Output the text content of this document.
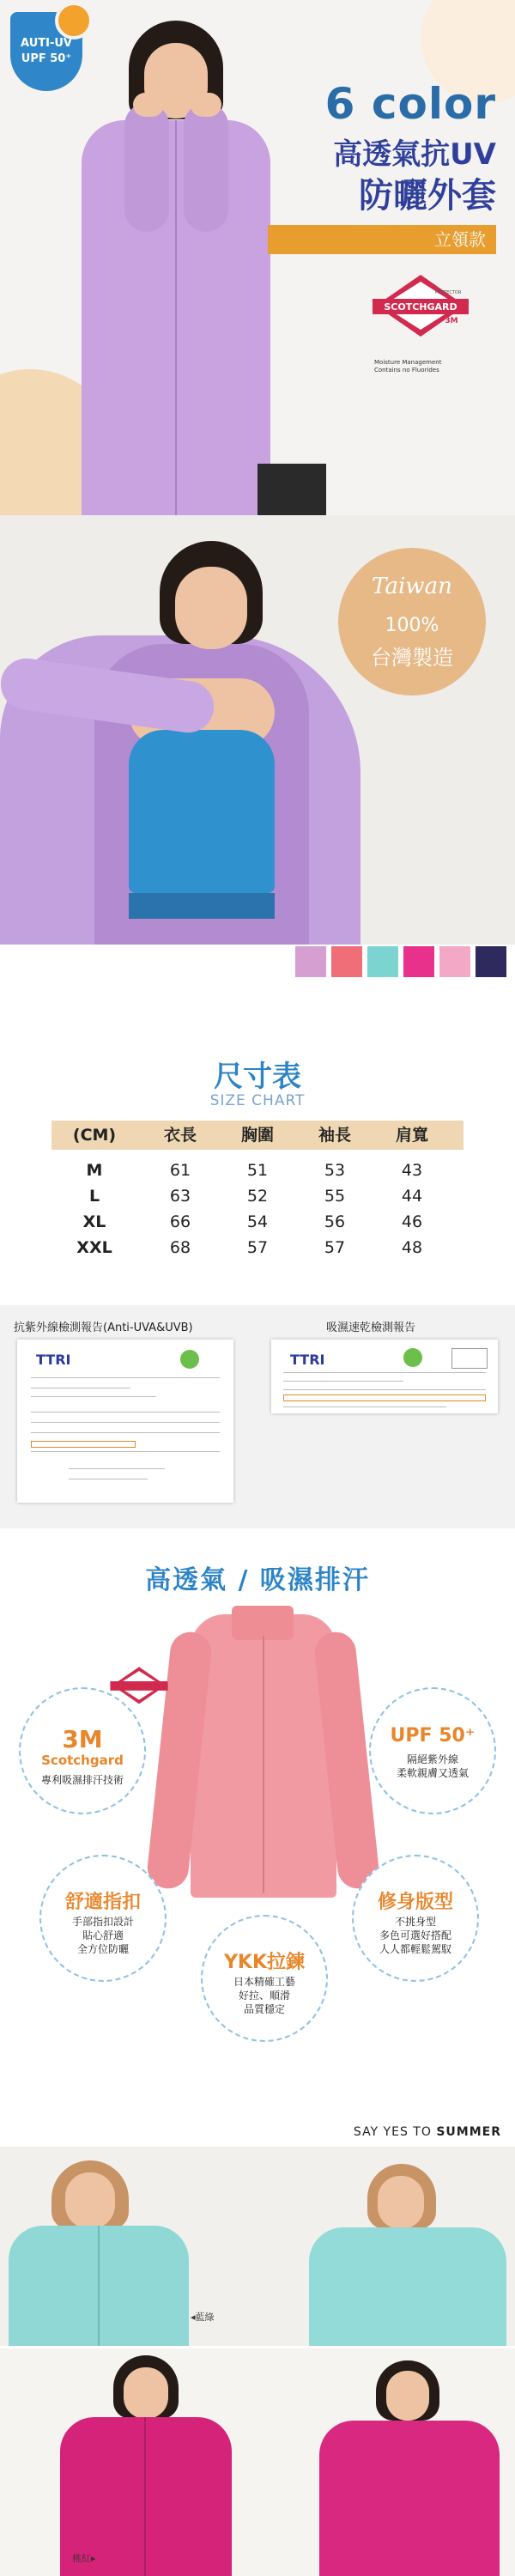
AUTI-UV
UPF 50⁺
6 color
高透氣抗UV
防曬外套
立領款
SCOTCHGARD
PROTECTOR
3M
Moisture Management Contains no Fluorides
Taiwan
100%
台灣製造
尺寸表
SIZE CHART
(CM)	衣長	胸圍	袖長	肩寬
M	61	51	53	43
L	63	52	55	44
XL	66	54	56	46
XXL	68	57	57	48
抗紫外線檢測報告(Anti-UVA&UVB)	吸濕速乾檢測報告
TTRI	TTRI
高透氣 / 吸濕排汗
3M
Scotchgard
專利吸濕排汗技術
UPF 50⁺
隔絕紫外線
柔軟親膚又透氣
舒適指扣
手部指扣設計
貼心舒適
全方位防曬
修身版型
不挑身型
多色可選好搭配
人人都輕鬆駕馭
YKK拉鍊
日本精確工藝
好拉、順滑
品質穩定
SAY YES TO SUMMER
◂藍綠
桃紅▸
